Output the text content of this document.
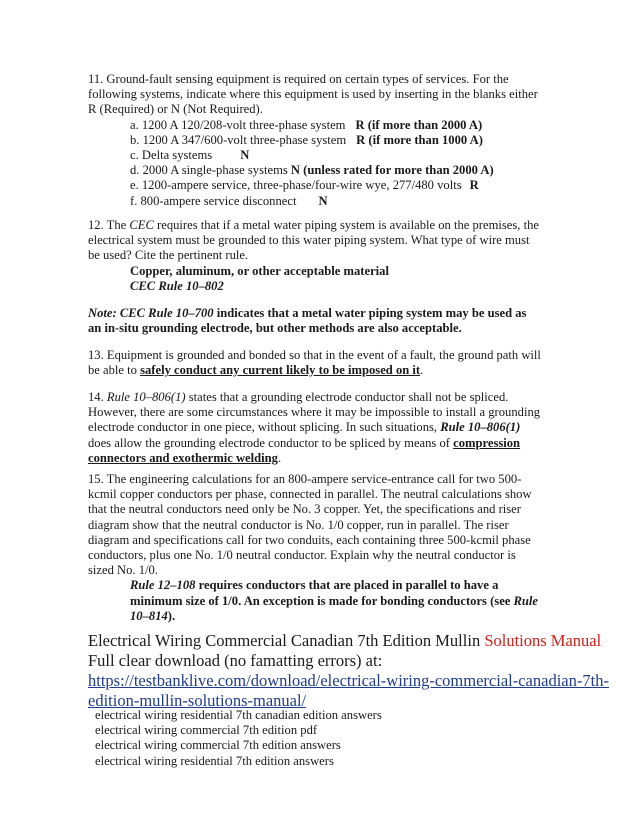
11. Ground-fault sensing equipment is required on certain types of services. For the
following systems, indicate where this equipment is used by inserting in the blanks either
R (Required) or N (Not Required).
a. 1200 A 120/208-volt three-phase system R (if more than 2000 A)
b. 1200 A 347/600-volt three-phase system R (if more than 1000 A)
c. Delta systems N
d. 2000 A single-phase systems N (unless rated for more than 2000 A)
e. 1200-ampere service, three-phase/four-wire wye, 277/480 volts R
f. 800-ampere service disconnect N
12. The CEC requires that if a metal water piping system is available on the premises, the
electrical system must be grounded to this water piping system. What type of wire must
be used? Cite the pertinent rule.
Copper, aluminum, or other acceptable material
CEC Rule 10–802
Note: CEC Rule 10–700 indicates that a metal water piping system may be used as
an in-situ grounding electrode, but other methods are also acceptable.
13. Equipment is grounded and bonded so that in the event of a fault, the ground path will
be able to safely conduct any current likely to be imposed on it.
14. Rule 10–806(1) states that a grounding electrode conductor shall not be spliced.
However, there are some circumstances where it may be impossible to install a grounding
electrode conductor in one piece, without splicing. In such situations, Rule 10–806(1)
does allow the grounding electrode conductor to be spliced by means of compression
connectors and exothermic welding.
15. The engineering calculations for an 800-ampere service-entrance call for two 500-
kcmil copper conductors per phase, connected in parallel. The neutral calculations show
that the neutral conductors need only be No. 3 copper. Yet, the specifications and riser
diagram show that the neutral conductor is No. 1/0 copper, run in parallel. The riser
diagram and specifications call for two conduits, each containing three 500-kcmil phase
conductors, plus one No. 1/0 neutral conductor. Explain why the neutral conductor is
sized No. 1/0.
Rule 12–108 requires conductors that are placed in parallel to have a
minimum size of 1/0. An exception is made for bonding conductors (see Rule
10–814).
Electrical Wiring Commercial Canadian 7th Edition Mullin Solutions Manual
Full clear download (no famatting errors) at:
https://testbanklive.com/download/electrical-wiring-commercial-canadian-7th-
edition-mullin-solutions-manual/
electrical wiring residential 7th canadian edition answers
electrical wiring commercial 7th edition pdf
electrical wiring commercial 7th edition answers
electrical wiring residential 7th edition answers
